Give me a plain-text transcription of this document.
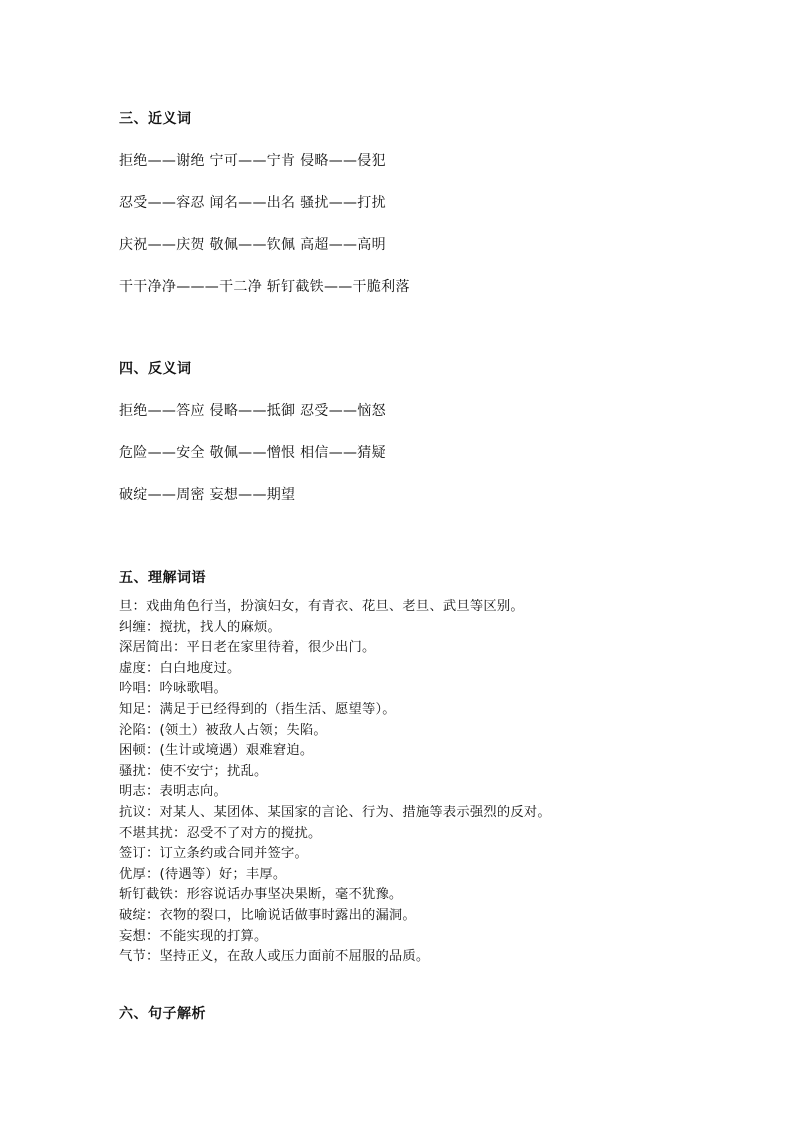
三、近义词
拒绝——谢绝 宁可——宁肯 侵略——侵犯
忍受——容忍 闻名——出名 骚扰——打扰
庆祝——庆贺 敬佩——钦佩 高超——高明
干干净净———干二净 斩钉截铁——干脆利落
四、反义词
拒绝——答应 侵略——抵御 忍受——恼怒
危险——安全 敬佩——憎恨 相信——猜疑
破绽——周密 妄想——期望
五、理解词语
旦：戏曲角色行当，扮演妇女，有青衣、花旦、老旦、武旦等区别。
纠缠：搅扰，找人的麻烦。
深居简出：平日老在家里待着，很少出门。
虚度：白白地度过。
吟唱：吟咏歌唱。
知足：满足于已经得到的（指生活、愿望等）。
沦陷：(领土）被敌人占领；失陷。
困顿：(生计或境遇）艰难窘迫。
骚扰：使不安宁；扰乱。
明志：表明志向。
抗议：对某人、某团体、某国家的言论、行为、措施等表示强烈的反对。
不堪其扰：忍受不了对方的搅扰。
签订：订立条约或合同并签字。
优厚：(待遇等）好；丰厚。
斩钉截铁：形容说话办事坚决果断，毫不犹豫。
破绽：衣物的裂口，比喻说话做事时露出的漏洞。
妄想：不能实现的打算。
气节：坚持正义，在敌人或压力面前不屈服的品质。
六、句子解析
